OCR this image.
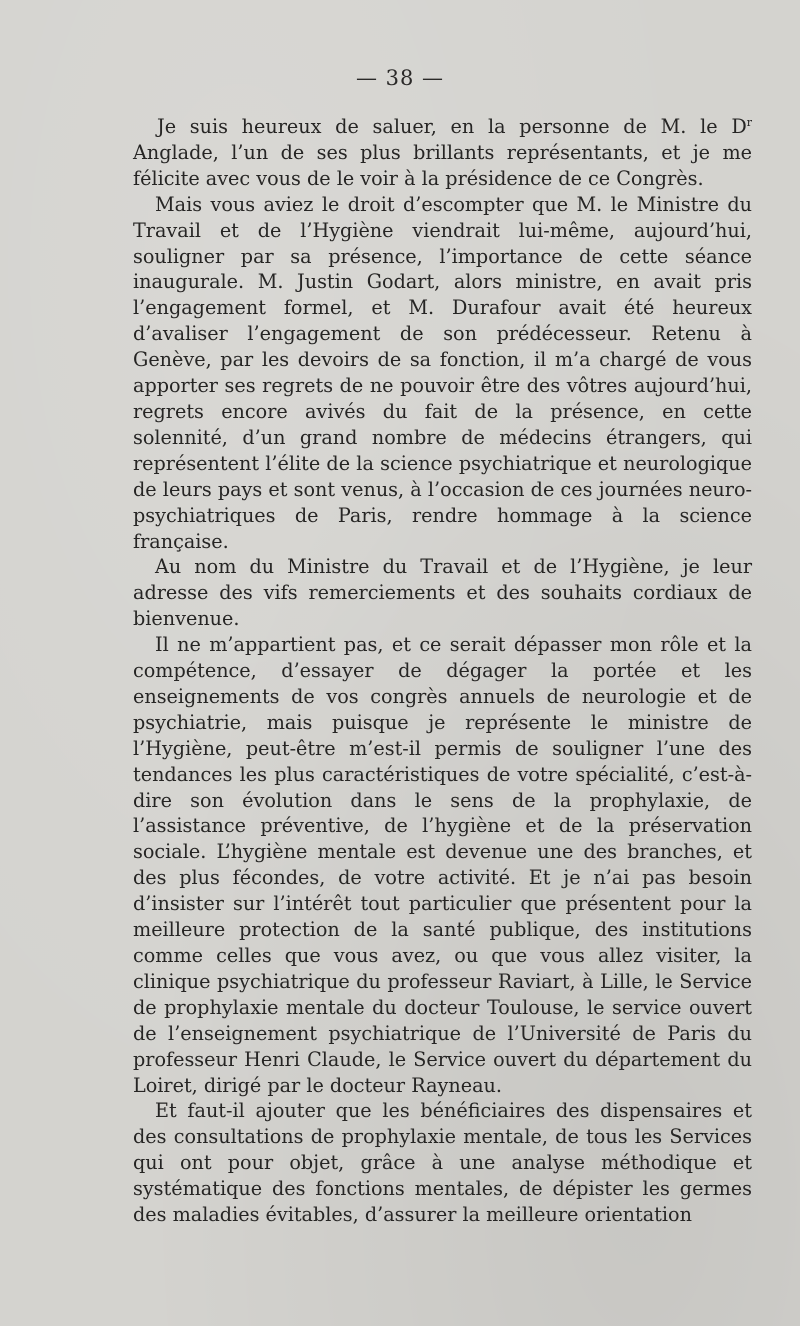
— 38 —

Je suis heureux de saluer, en la personne de M. le $D^r$ Anglade, l’un de ses plus brillants représentants, et je me félicite avec vous de le voir à la présidence de ce Congrès.

Mais vous aviez le droit d’escompter que M. le Ministre du Travail et de l’Hygiène viendrait lui-même, aujourd’hui, souligner par sa présence, l’importance de cette séance inaugurale. M. Justin Godart, alors ministre, en avait pris l’engagement formel, et M. Durafour avait été heureux d’avaliser l’engagement de son prédécesseur. Retenu à Genève, par les devoirs de sa fonction, il m’a chargé de vous apporter ses regrets de ne pouvoir être des vôtres aujourd’hui, regrets encore avivés du fait de la présence, en cette solennité, d’un grand nombre de médecins étrangers, qui représentent l’élite de la science psychiatrique et neurologique de leurs pays et sont venus, à l’occasion de ces journées neuro-psychiatriques de Paris, rendre hommage à la science française.

Au nom du Ministre du Travail et de l’Hygiène, je leur adresse des vifs remerciements et des souhaits cordiaux de bienvenue.

Il ne m’appartient pas, et ce serait dépasser mon rôle et la compétence, d’essayer de dégager la portée et les enseignements de vos congrès annuels de neurologie et de psychiatrie, mais puisque je représente le ministre de l’Hygiène, peut-être m’est-il permis de souligner l’une des tendances les plus caractéristiques de votre spécialité, c’est-à-dire son évolution dans le sens de la prophylaxie, de l’assistance préventive, de l’hygiène et de la préservation sociale. L’hygiène mentale est devenue une des branches, et des plus fécondes, de votre activité. Et je n’ai pas besoin d’insister sur l’intérêt tout particulier que présentent pour la meilleure protection de la santé publique, des institutions comme celles que vous avez, ou que vous allez visiter, la clinique psychiatrique du professeur Raviart, à Lille, le Service de prophylaxie mentale du docteur Toulouse, le service ouvert de l’enseignement psychiatrique de l’Université de Paris du professeur Henri Claude, le Service ouvert du département du Loiret, dirigé par le docteur Rayneau.

Et faut-il ajouter que les bénéficiaires des dispensaires et des consultations de prophylaxie mentale, de tous les Services qui ont pour objet, grâce à une analyse méthodique et systématique des fonctions mentales, de dépister les germes des maladies évitables, d’assurer la meilleure orientation
